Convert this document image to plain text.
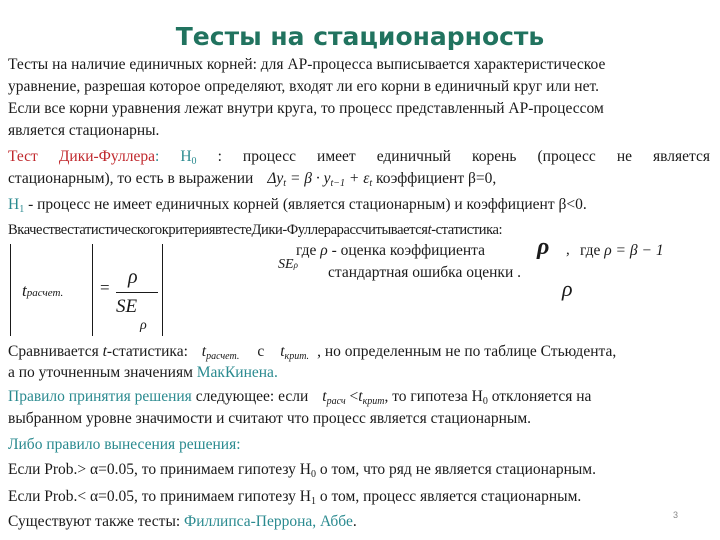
Тесты на стационарность
Тесты на наличие единичных корней: для АР-процесса выписывается характеристическое
уравнение, разрешая которое определяют, входят ли его корни в единичный круг или нет.
Если все корни уравнения лежат внутри круга, то процесс представленный АР-процессом
является стационарны.
Тест Дики-Фуллера: $Н_0$ : процесс имеет единичный корень (процесс не является
стационарным), то есть в выражении $\Delta y_t = \beta \cdot y_{t-1} + \varepsilon_t$ коэффициент β=0,
$Н_1$ - процесс не имеет единичных корней (является стационарным) и коэффициент β<0.
ВкачествестатистическогокритериявтестеДики-Фуллерарассчитываетсяt-статистика:
tрасчет. = ρ
SE
ρ
SEρ
где ρ - оценка коэффициента ρ , где ρ = β − 1
стандартная ошибка оценки .
ρ
Сравнивается t-статистика: $t_{расчет.}$ с $t_{крит.}$ , но определенным не по таблице Стьюдента,
а по уточненным значениям МакКинена.
Правило принятия решения следующее: если $t_{расч} <t_{крит}$, то гипотеза $Н_0$ отклоняется на
выбранном уровне значимости и считают что процесс является стационарным.
Либо правило вынесения решения:
Если Prob.> α=0.05, то принимаем гипотезу $Н_0$ о том, что ряд не является стационарным.
Если Prob.< α=0.05, то принимаем гипотезу $Н_1$ о том, процесс является стационарным.
Существуют также тесты: Филлипса-Перрона, Аббе.	3
